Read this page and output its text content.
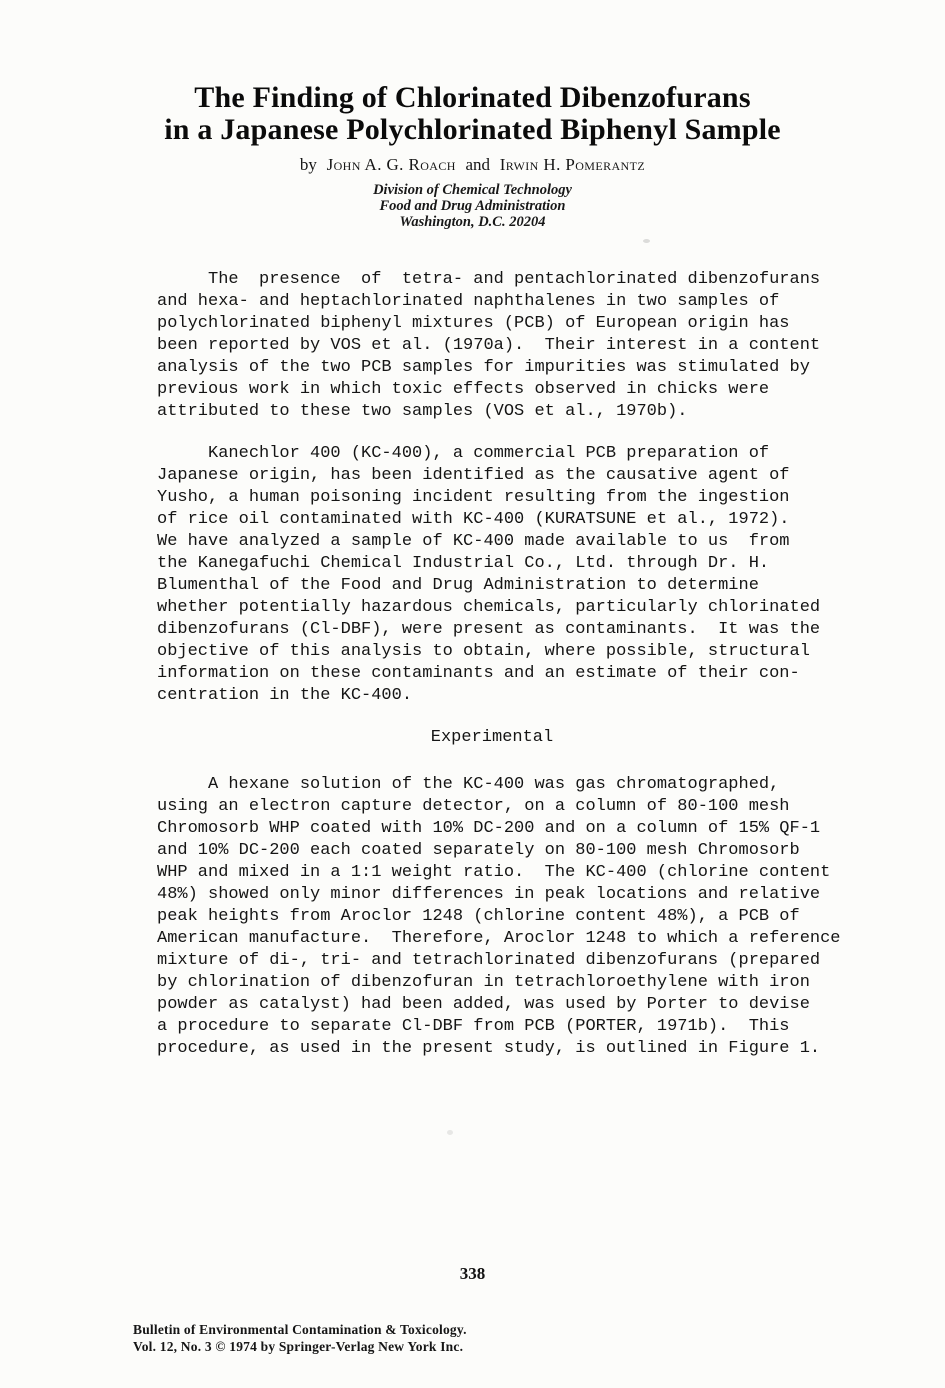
The Finding of Chlorinated Dibenzofurans
in a Japanese Polychlorinated Biphenyl Sample
by John A. G. Roach and Irwin H. Pomerantz
Division of Chemical Technology
Food and Drug Administration
Washington, D.C. 20204
The  presence  of  tetra- and pentachlorinated dibenzofurans
and hexa- and heptachlorinated naphthalenes in two samples of
polychlorinated biphenyl mixtures (PCB) of European origin has
been reported by VOS et al. (1970a).  Their interest in a content
analysis of the two PCB samples for impurities was stimulated by
previous work in which toxic effects observed in chicks were
attributed to these two samples (VOS et al., 1970b).
Kanechlor 400 (KC-400), a commercial PCB preparation of
Japanese origin, has been identified as the causative agent of
Yusho, a human poisoning incident resulting from the ingestion
of rice oil contaminated with KC-400 (KURATSUNE et al., 1972).
We have analyzed a sample of KC-400 made available to us  from
the Kanegafuchi Chemical Industrial Co., Ltd. through Dr. H.
Blumenthal of the Food and Drug Administration to determine
whether potentially hazardous chemicals, particularly chlorinated
dibenzofurans (Cl-DBF), were present as contaminants.  It was the
objective of this analysis to obtain, where possible, structural
information on these contaminants and an estimate of their con-
centration in the KC-400.
Experimental
A hexane solution of the KC-400 was gas chromatographed,
using an electron capture detector, on a column of 80-100 mesh
Chromosorb WHP coated with 10% DC-200 and on a column of 15% QF-1
and 10% DC-200 each coated separately on 80-100 mesh Chromosorb
WHP and mixed in a 1:1 weight ratio.  The KC-400 (chlorine content
48%) showed only minor differences in peak locations and relative
peak heights from Aroclor 1248 (chlorine content 48%), a PCB of
American manufacture.  Therefore, Aroclor 1248 to which a reference
mixture of di-, tri- and tetrachlorinated dibenzofurans (prepared
by chlorination of dibenzofuran in tetrachloroethylene with iron
powder as catalyst) had been added, was used by Porter to devise
a procedure to separate Cl-DBF from PCB (PORTER, 1971b).  This
procedure, as used in the present study, is outlined in Figure 1.
338
Bulletin of Environmental Contamination & Toxicology.
Vol. 12, No. 3 © 1974 by Springer-Verlag New York Inc.
